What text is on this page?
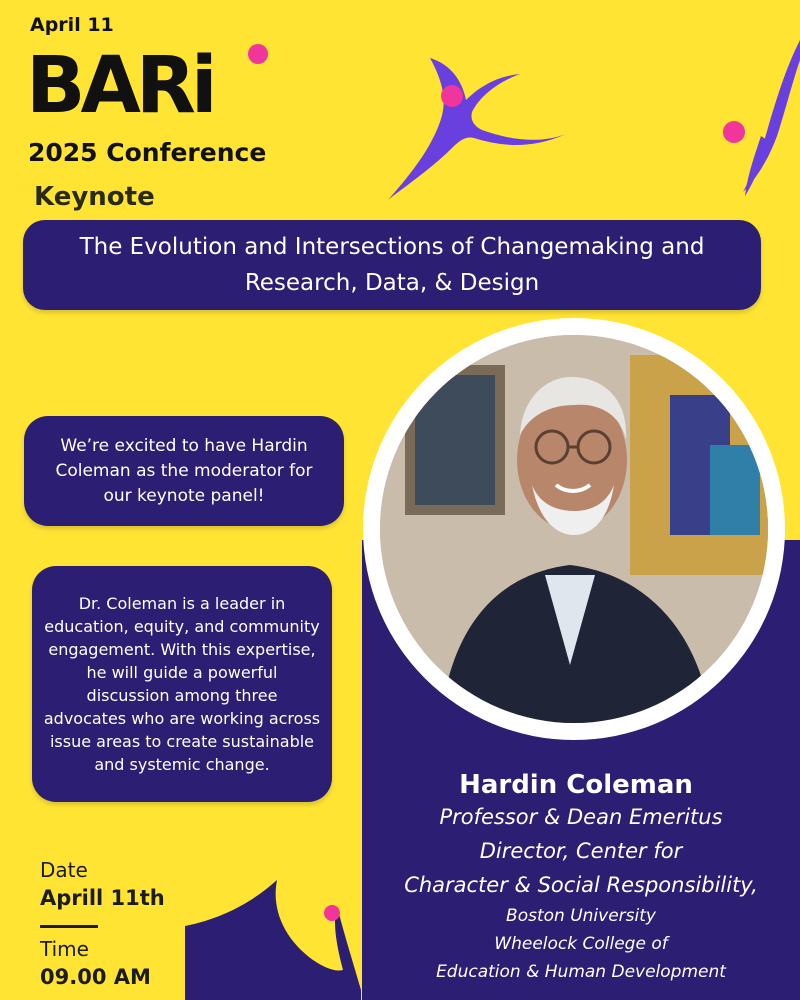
April 11
BARi
2025 Conference
Keynote
The Evolution and Intersections of Changemaking and
Research, Data, & Design
We’re excited to have Hardin
Coleman as the moderator for
our keynote panel!
Dr. Coleman is a leader in
education, equity, and community
engagement. With this expertise,
he will guide a powerful
discussion among three
advocates who are working across
issue areas to create sustainable
and systemic change.
Hardin Coleman
Professor & Dean Emeritus
Director, Center for
Character & Social Responsibility,
Boston University
Wheelock College of
Education & Human Development
Date
Aprill 11th
Time
09.00 AM
